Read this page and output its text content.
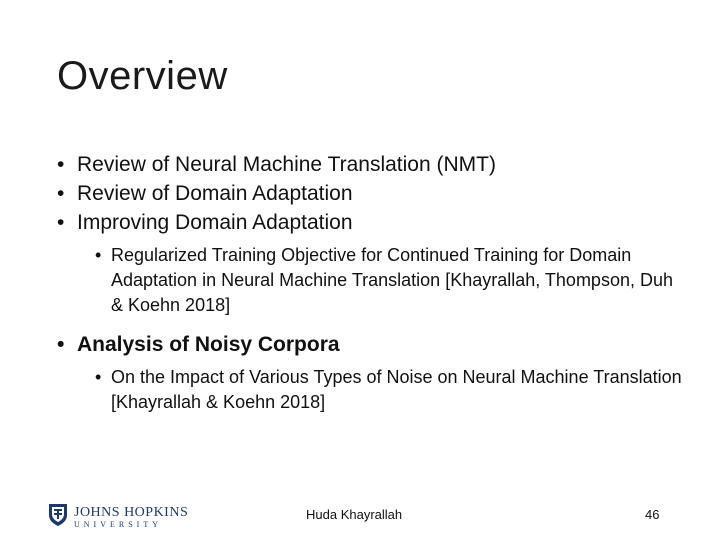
Overview
• Review of Neural Machine Translation (NMT)
• Review of Domain Adaptation
• Improving Domain Adaptation
• Regularized Training Objective for Continued Training for Domain Adaptation in Neural Machine Translation [Khayrallah, Thompson, Duh & Koehn 2018]
• Analysis of Noisy Corpora
• On the Impact of Various Types of Noise on Neural Machine Translation [Khayrallah & Koehn 2018]
JOHNS HOPKINS
UNIVERSITY
Huda Khayrallah	46
